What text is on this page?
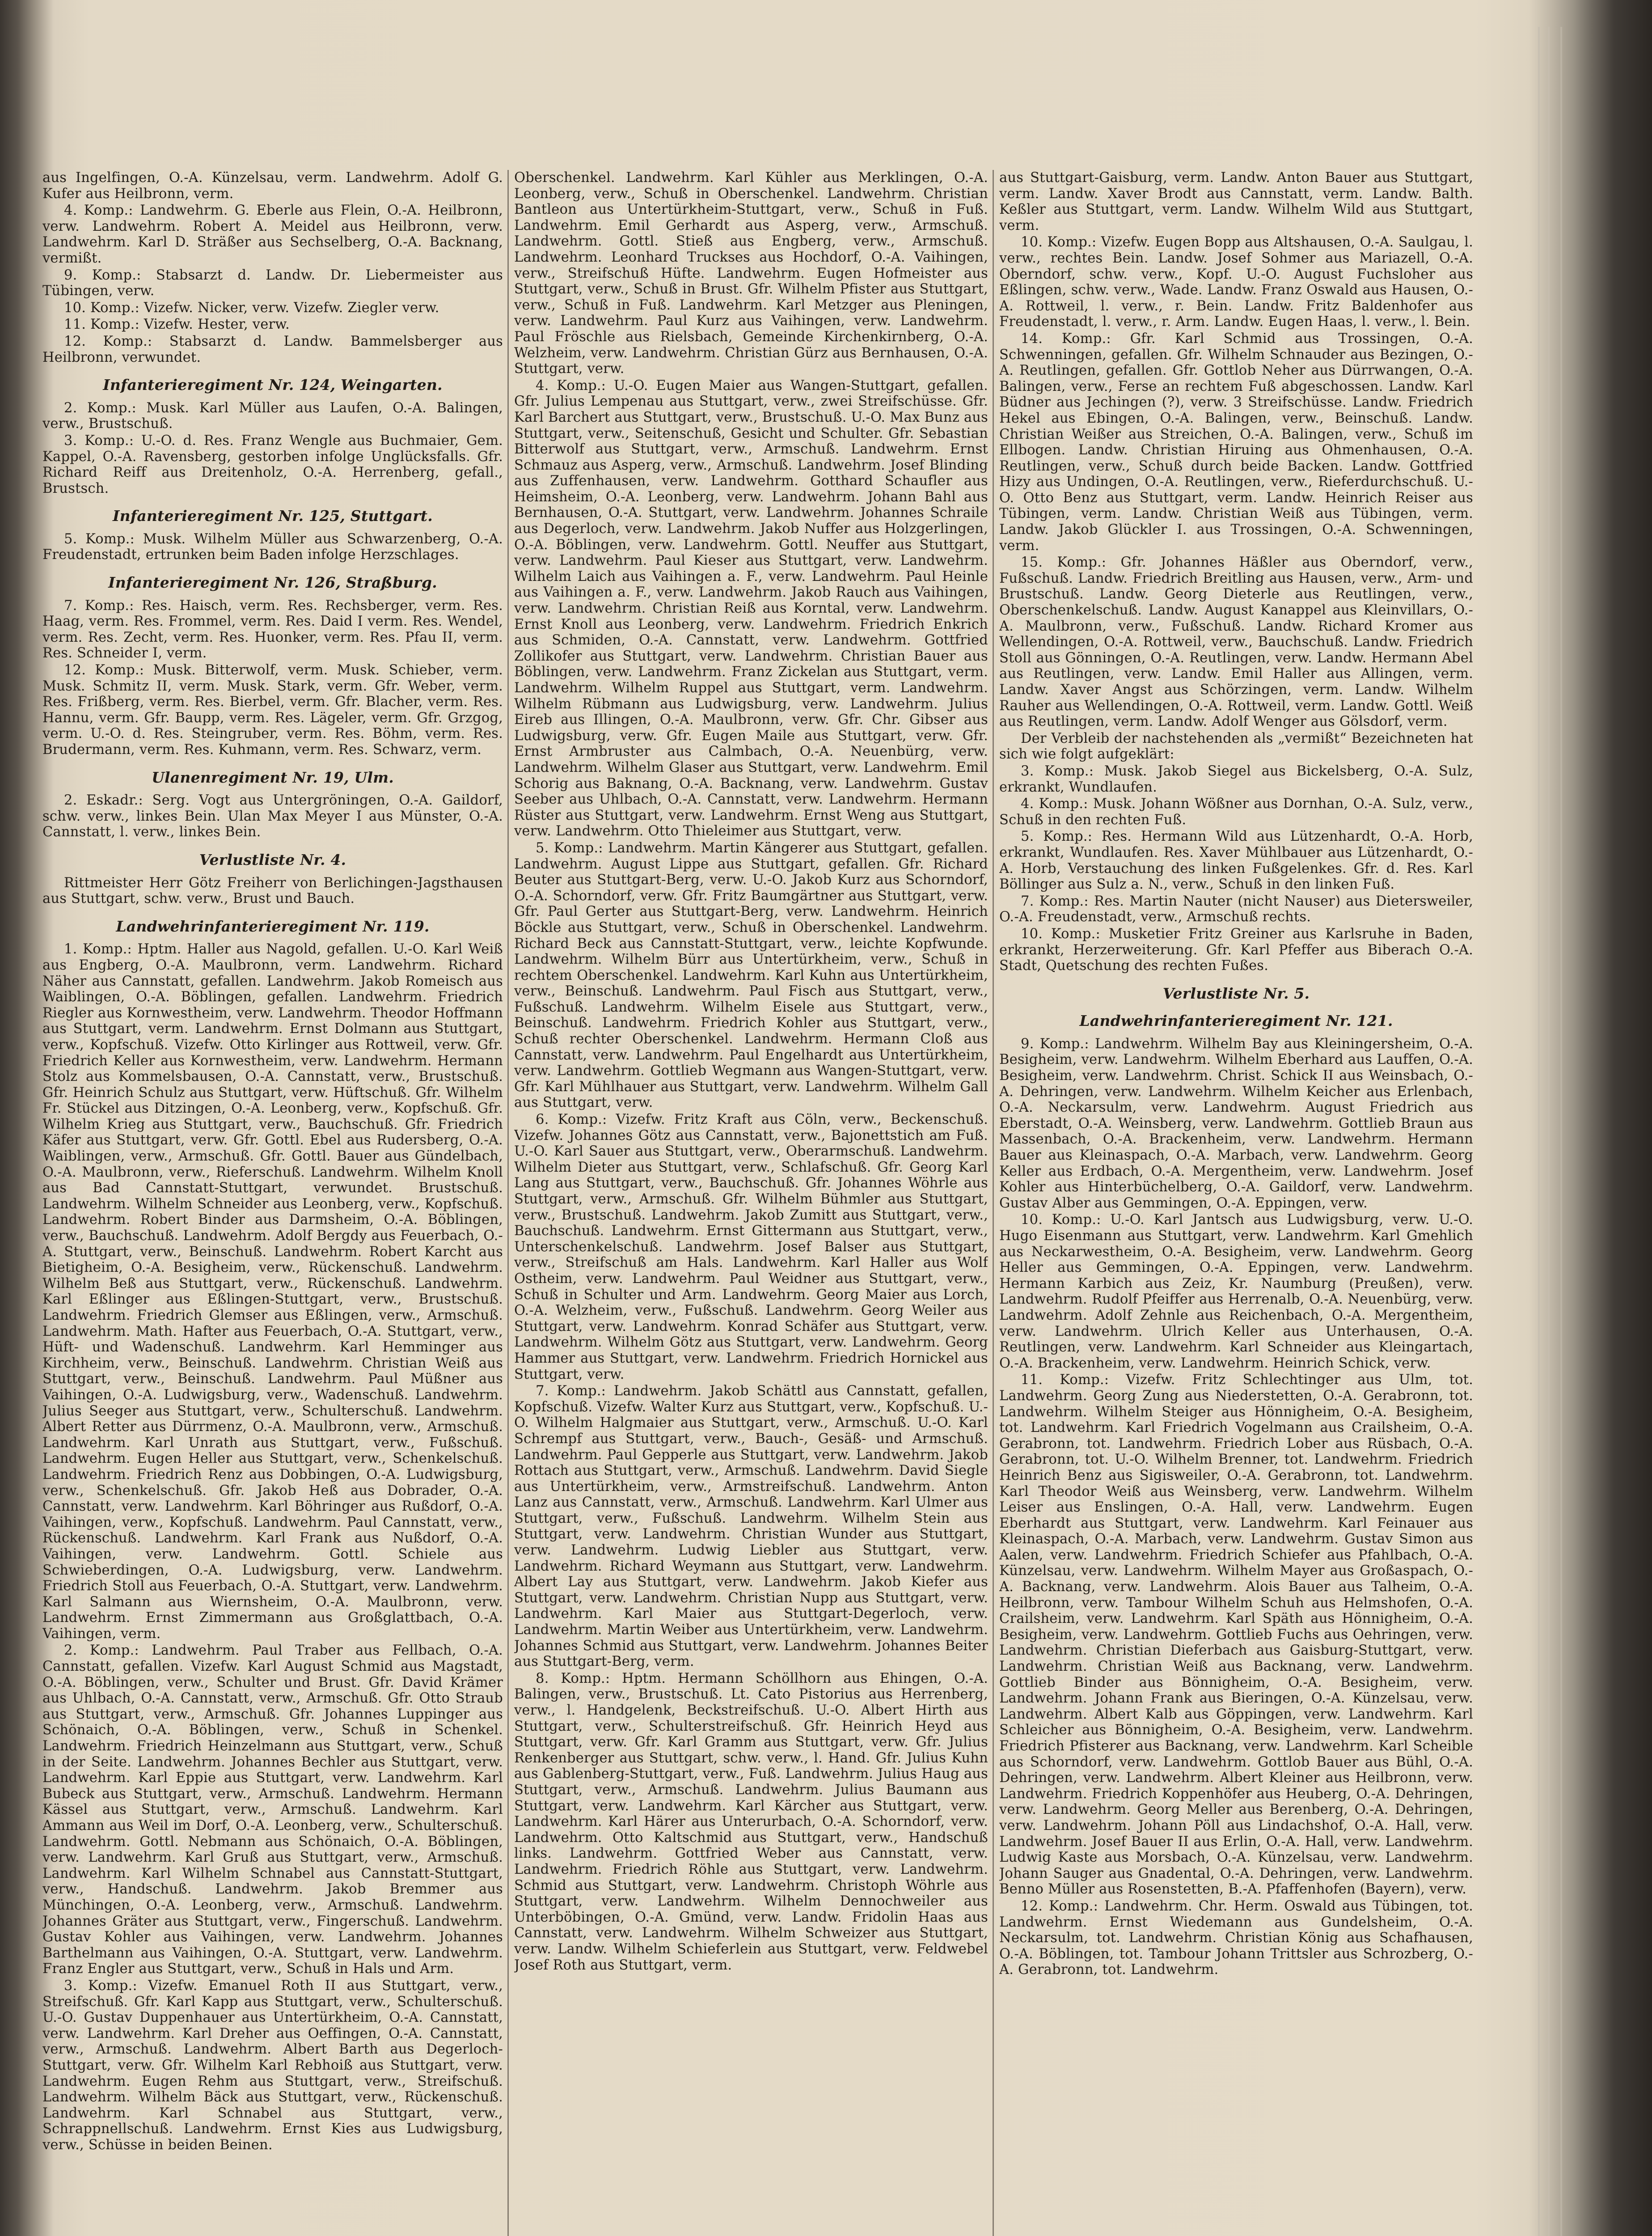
aus Ingelfingen, O.-A. Künzelsau, verm. Landwehrm. Adolf G. Kufer aus Heilbronn, verm.

4. Komp.: Landwehrm. G. Eberle aus Flein, O.-A. Heilbronn, verw. Landwehrm. Robert A. Meidel aus Heilbronn, verw. Landwehrm. Karl D. Sträßer aus Sechselberg, O.-A. Backnang, vermißt.

9. Komp.: Stabsarzt d. Landw. Dr. Liebermeister aus Tübingen, verw.

10. Komp.: Vizefw. Nicker, verw. Vizefw. Ziegler verw.

11. Komp.: Vizefw. Hester, verw.

12. Komp.: Stabsarzt d. Landw. Bammelsberger aus Heilbronn, verwundet.

Infanterieregiment Nr. 124, Weingarten.

2. Komp.: Musk. Karl Müller aus Laufen, O.-A. Balingen, verw., Brustschuß.

3. Komp.: U.-O. d. Res. Franz Wengle aus Buchmaier, Gem. Kappel, O.-A. Ravensberg, gestorben infolge Unglücksfalls. Gfr. Richard Reiff aus Dreitenholz, O.-A. Herrenberg, gefall., Brustsch.

Infanterieregiment Nr. 125, Stuttgart.

5. Komp.: Musk. Wilhelm Müller aus Schwarzenberg, O.-A. Freudenstadt, ertrunken beim Baden infolge Herzschlages.

Infanterieregiment Nr. 126, Straßburg.

7. Komp.: Res. Haisch, verm. Res. Rechsberger, verm. Res. Haag, verm. Res. Frommel, verm. Res. Daid I verm. Res. Wendel, verm. Res. Zecht, verm. Res. Huonker, verm. Res. Pfau II, verm. Res. Schneider I, verm.

12. Komp.: Musk. Bitterwolf, verm. Musk. Schieber, verm. Musk. Schmitz II, verm. Musk. Stark, verm. Gfr. Weber, verm. Res. Frißberg, verm. Res. Bierbel, verm. Gfr. Blacher, verm. Res. Hannu, verm. Gfr. Baupp, verm. Res. Lägeler, verm. Gfr. Grzgog, verm. U.-O. d. Res. Steingruber, verm. Res. Böhm, verm. Res. Brudermann, verm. Res. Kuhmann, verm. Res. Schwarz, verm.

Ulanenregiment Nr. 19, Ulm.

2. Eskadr.: Serg. Vogt aus Untergröningen, O.-A. Gaildorf, schw. verw., linkes Bein. Ulan Max Meyer I aus Münster, O.-A. Cannstatt, l. verw., linkes Bein.

Verlustliste Nr. 4.

Rittmeister Herr Götz Freiherr von Berlichingen-Jagsthausen aus Stuttgart, schw. verw., Brust und Bauch.

Landwehrinfanterieregiment Nr. 119.

1. Komp.: Hptm. Haller aus Nagold, gefallen. U.-O. Karl Weiß aus Engberg, O.-A. Maulbronn, verm. Landwehrm. Richard Näher aus Cannstatt, gefallen. Landwehrm. Jakob Romeisch aus Waiblingen, O.-A. Böblingen, gefallen. Landwehrm. Friedrich Riegler aus Kornwestheim, verw. Landwehrm. Theodor Hoffmann aus Stuttgart, verm. Landwehrm. Ernst Dolmann aus Stuttgart, verw., Kopfschuß. Vizefw. Otto Kirlinger aus Rottweil, verw. Gfr. Friedrich Keller aus Kornwestheim, verw. Landwehrm. Hermann Stolz aus Kommelsbausen, O.-A. Cannstatt, verw., Brustschuß. Gfr. Heinrich Schulz aus Stuttgart, verw. Hüftschuß. Gfr. Wilhelm Fr. Stückel aus Ditzingen, O.-A. Leonberg, verw., Kopfschuß. Gfr. Wilhelm Krieg aus Stuttgart, verw., Bauchschuß. Gfr. Friedrich Käfer aus Stuttgart, verw. Gfr. Gottl. Ebel aus Rudersberg, O.-A. Waiblingen, verw., Armschuß. Gfr. Gottl. Bauer aus Gündelbach, O.-A. Maulbronn, verw., Rieferschuß. Landwehrm. Wilhelm Knoll aus Bad Cannstatt-Stuttgart, verwundet. Brustschuß. Landwehrm. Wilhelm Schneider aus Leonberg, verw., Kopfschuß. Landwehrm. Robert Binder aus Darmsheim, O.-A. Böblingen, verw., Bauchschuß. Landwehrm. Adolf Bergdy aus Feuerbach, O.-A. Stuttgart, verw., Beinschuß. Landwehrm. Robert Karcht aus Bietigheim, O.-A. Besigheim, verw., Rückenschuß. Landwehrm. Wilhelm Beß aus Stuttgart, verw., Rückenschuß. Landwehrm. Karl Eßlinger aus Eßlingen-Stuttgart, verw., Brustschuß. Landwehrm. Friedrich Glemser aus Eßlingen, verw., Armschuß. Landwehrm. Math. Hafter aus Feuerbach, O.-A. Stuttgart, verw., Hüft- und Wadenschuß. Landwehrm. Karl Hemminger aus Kirchheim, verw., Beinschuß. Landwehrm. Christian Weiß aus Stuttgart, verw., Beinschuß. Landwehrm. Paul Müßner aus Vaihingen, O.-A. Ludwigsburg, verw., Wadenschuß. Landwehrm. Julius Seeger aus Stuttgart, verw., Schulterschuß. Landwehrm. Albert Retter aus Dürrmenz, O.-A. Maulbronn, verw., Armschuß. Landwehrm. Karl Unrath aus Stuttgart, verw., Fußschuß. Landwehrm. Eugen Heller aus Stuttgart, verw., Schenkelschuß. Landwehrm. Friedrich Renz aus Dobbingen, O.-A. Ludwigsburg, verw., Schenkelschuß. Gfr. Jakob Heß aus Dobrader, O.-A. Cannstatt, verw. Landwehrm. Karl Böhringer aus Rußdorf, O.-A. Vaihingen, verw., Kopfschuß. Landwehrm. Paul Cannstatt, verw., Rückenschuß. Landwehrm. Karl Frank aus Nußdorf, O.-A. Vaihingen, verw. Landwehrm. Gottl. Schiele aus Schwieberdingen, O.-A. Ludwigsburg, verw. Landwehrm. Friedrich Stoll aus Feuerbach, O.-A. Stuttgart, verw. Landwehrm. Karl Salmann aus Wiernsheim, O.-A. Maulbronn, verw. Landwehrm. Ernst Zimmermann aus Großglattbach, O.-A. Vaihingen, verm.

2. Komp.: Landwehrm. Paul Traber aus Fellbach, O.-A. Cannstatt, gefallen. Vizefw. Karl August Schmid aus Magstadt, O.-A. Böblingen, verw., Schulter und Brust. Gfr. David Krämer aus Uhlbach, O.-A. Cannstatt, verw., Armschuß. Gfr. Otto Straub aus Stuttgart, verw., Armschuß. Gfr. Johannes Luppinger aus Schönaich, O.-A. Böblingen, verw., Schuß in Schenkel. Landwehrm. Friedrich Heinzelmann aus Stuttgart, verw., Schuß in der Seite. Landwehrm. Johannes Bechler aus Stuttgart, verw. Landwehrm. Karl Eppie aus Stuttgart, verw. Landwehrm. Karl Bubeck aus Stuttgart, verw., Armschuß. Landwehrm. Hermann Kässel aus Stuttgart, verw., Armschuß. Landwehrm. Karl Ammann aus Weil im Dorf, O.-A. Leonberg, verw., Schulterschuß. Landwehrm. Gottl. Nebmann aus Schönaich, O.-A. Böblingen, verw. Landwehrm. Karl Gruß aus Stuttgart, verw., Armschuß. Landwehrm. Karl Wilhelm Schnabel aus Cannstatt-Stuttgart, verw., Handschuß. Landwehrm. Jakob Bremmer aus Münchingen, O.-A. Leonberg, verw., Armschuß. Landwehrm. Johannes Gräter aus Stuttgart, verw., Fingerschuß. Landwehrm. Gustav Kohler aus Vaihingen, verw. Landwehrm. Johannes Barthelmann aus Vaihingen, O.-A. Stuttgart, verw. Landwehrm. Franz Engler aus Stuttgart, verw., Schuß in Hals und Arm.

3. Komp.: Vizefw. Emanuel Roth II aus Stuttgart, verw., Streifschuß. Gfr. Karl Kapp aus Stuttgart, verw., Schulterschuß. U.-O. Gustav Duppenhauer aus Untertürkheim, O.-A. Cannstatt, verw. Landwehrm. Karl Dreher aus Oeffingen, O.-A. Cannstatt, verw., Armschuß. Landwehrm. Albert Barth aus Degerloch-Stuttgart, verw. Gfr. Wilhelm Karl Rebhoiß aus Stuttgart, verw. Landwehrm. Eugen Rehm aus Stuttgart, verw., Streifschuß. Landwehrm. Wilhelm Bäck aus Stuttgart, verw., Rückenschuß. Landwehrm. Karl Schnabel aus Stuttgart, verw., Schrappnellschuß. Landwehrm. Ernst Kies aus Ludwigsburg, verw., Schüsse in beiden Beinen.

Oberschenkel. Landwehrm. Karl Kühler aus Merklingen, O.-A. Leonberg, verw., Schuß in Oberschenkel. Landwehrm. Christian Bantleon aus Untertürkheim-Stuttgart, verw., Schuß in Fuß. Landwehrm. Emil Gerhardt aus Asperg, verw., Armschuß. Landwehrm. Gottl. Stieß aus Engberg, verw., Armschuß. Landwehrm. Leonhard Truckses aus Hochdorf, O.-A. Vaihingen, verw., Streifschuß Hüfte. Landwehrm. Eugen Hofmeister aus Stuttgart, verw., Schuß in Brust. Gfr. Wilhelm Pfister aus Stuttgart, verw., Schuß in Fuß. Landwehrm. Karl Metzger aus Pleningen, verw. Landwehrm. Paul Kurz aus Vaihingen, verw. Landwehrm. Paul Fröschle aus Rielsbach, Gemeinde Kirchenkirnberg, O.-A. Welzheim, verw. Landwehrm. Christian Gürz aus Bernhausen, O.-A. Stuttgart, verw.

4. Komp.: U.-O. Eugen Maier aus Wangen-Stuttgart, gefallen. Gfr. Julius Lempenau aus Stuttgart, verw., zwei Streifschüsse. Gfr. Karl Barchert aus Stuttgart, verw., Brustschuß. U.-O. Max Bunz aus Stuttgart, verw., Seitenschuß, Gesicht und Schulter. Gfr. Sebastian Bitterwolf aus Stuttgart, verw., Armschuß. Landwehrm. Ernst Schmauz aus Asperg, verw., Armschuß. Landwehrm. Josef Blinding aus Zuffenhausen, verw. Landwehrm. Gotthard Schaufler aus Heimsheim, O.-A. Leonberg, verw. Landwehrm. Johann Bahl aus Bernhausen, O.-A. Stuttgart, verw. Landwehrm. Johannes Schraile aus Degerloch, verw. Landwehrm. Jakob Nuffer aus Holzgerlingen, O.-A. Böblingen, verw. Landwehrm. Gottl. Neuffer aus Stuttgart, verw. Landwehrm. Paul Kieser aus Stuttgart, verw. Landwehrm. Wilhelm Laich aus Vaihingen a. F., verw. Landwehrm. Paul Heinle aus Vaihingen a. F., verw. Landwehrm. Jakob Rauch aus Vaihingen, verw. Landwehrm. Christian Reiß aus Korntal, verw. Landwehrm. Ernst Knoll aus Leonberg, verw. Landwehrm. Friedrich Enkrich aus Schmiden, O.-A. Cannstatt, verw. Landwehrm. Gottfried Zollikofer aus Stuttgart, verw. Landwehrm. Christian Bauer aus Böblingen, verw. Landwehrm. Franz Zickelan aus Stuttgart, verm. Landwehrm. Wilhelm Ruppel aus Stuttgart, verm. Landwehrm. Wilhelm Rübmann aus Ludwigsburg, verw. Landwehrm. Julius Eireb aus Illingen, O.-A. Maulbronn, verw. Gfr. Chr. Gibser aus Ludwigsburg, verw. Gfr. Eugen Maile aus Stuttgart, verw. Gfr. Ernst Armbruster aus Calmbach, O.-A. Neuenbürg, verw. Landwehrm. Wilhelm Glaser aus Stuttgart, verw. Landwehrm. Emil Schorig aus Baknang, O.-A. Backnang, verw. Landwehrm. Gustav Seeber aus Uhlbach, O.-A. Cannstatt, verw. Landwehrm. Hermann Rüster aus Stuttgart, verw. Landwehrm. Ernst Weng aus Stuttgart, verw. Landwehrm. Otto Thieleimer aus Stuttgart, verw.

5. Komp.: Landwehrm. Martin Kängerer aus Stuttgart, gefallen. Landwehrm. August Lippe aus Stuttgart, gefallen. Gfr. Richard Beuter aus Stuttgart-Berg, verw. U.-O. Jakob Kurz aus Schorndorf, O.-A. Schorndorf, verw. Gfr. Fritz Baumgärtner aus Stuttgart, verw. Gfr. Paul Gerter aus Stuttgart-Berg, verw. Landwehrm. Heinrich Böckle aus Stuttgart, verw., Schuß in Oberschenkel. Landwehrm. Richard Beck aus Cannstatt-Stuttgart, verw., leichte Kopfwunde. Landwehrm. Wilhelm Bürr aus Untertürkheim, verw., Schuß in rechtem Oberschenkel. Landwehrm. Karl Kuhn aus Untertürkheim, verw., Beinschuß. Landwehrm. Paul Fisch aus Stuttgart, verw., Fußschuß. Landwehrm. Wilhelm Eisele aus Stuttgart, verw., Beinschuß. Landwehrm. Friedrich Kohler aus Stuttgart, verw., Schuß rechter Oberschenkel. Landwehrm. Hermann Cloß aus Cannstatt, verw. Landwehrm. Paul Engelhardt aus Untertürkheim, verw. Landwehrm. Gottlieb Wegmann aus Wangen-Stuttgart, verw. Gfr. Karl Mühlhauer aus Stuttgart, verw. Landwehrm. Wilhelm Gall aus Stuttgart, verw.

6. Komp.: Vizefw. Fritz Kraft aus Cöln, verw., Beckenschuß. Vizefw. Johannes Götz aus Cannstatt, verw., Bajonettstich am Fuß. U.-O. Karl Sauer aus Stuttgart, verw., Oberarmschuß. Landwehrm. Wilhelm Dieter aus Stuttgart, verw., Schlafschuß. Gfr. Georg Karl Lang aus Stuttgart, verw., Bauchschuß. Gfr. Johannes Wöhrle aus Stuttgart, verw., Armschuß. Gfr. Wilhelm Bühmler aus Stuttgart, verw., Brustschuß. Landwehrm. Jakob Zumitt aus Stuttgart, verw., Bauchschuß. Landwehrm. Ernst Gittermann aus Stuttgart, verw., Unterschenkelschuß. Landwehrm. Josef Balser aus Stuttgart, verw., Streifschuß am Hals. Landwehrm. Karl Haller aus Wolf Ostheim, verw. Landwehrm. Paul Weidner aus Stuttgart, verw., Schuß in Schulter und Arm. Landwehrm. Georg Maier aus Lorch, O.-A. Welzheim, verw., Fußschuß. Landwehrm. Georg Weiler aus Stuttgart, verw. Landwehrm. Konrad Schäfer aus Stuttgart, verw. Landwehrm. Wilhelm Götz aus Stuttgart, verw. Landwehrm. Georg Hammer aus Stuttgart, verw. Landwehrm. Friedrich Hornickel aus Stuttgart, verw.

7. Komp.: Landwehrm. Jakob Schättl aus Cannstatt, gefallen, Kopfschuß. Vizefw. Walter Kurz aus Stuttgart, verw., Kopfschuß. U.-O. Wilhelm Halgmaier aus Stuttgart, verw., Armschuß. U.-O. Karl Schrempf aus Stuttgart, verw., Bauch-, Gesäß- und Armschuß. Landwehrm. Paul Gepperle aus Stuttgart, verw. Landwehrm. Jakob Rottach aus Stuttgart, verw., Armschuß. Landwehrm. David Siegle aus Untertürkheim, verw., Armstreifschuß. Landwehrm. Anton Lanz aus Cannstatt, verw., Armschuß. Landwehrm. Karl Ulmer aus Stuttgart, verw., Fußschuß. Landwehrm. Wilhelm Stein aus Stuttgart, verw. Landwehrm. Christian Wunder aus Stuttgart, verw. Landwehrm. Ludwig Liebler aus Stuttgart, verw. Landwehrm. Richard Weymann aus Stuttgart, verw. Landwehrm. Albert Lay aus Stuttgart, verw. Landwehrm. Jakob Kiefer aus Stuttgart, verw. Landwehrm. Christian Nupp aus Stuttgart, verw. Landwehrm. Karl Maier aus Stuttgart-Degerloch, verw. Landwehrm. Martin Weiber aus Untertürkheim, verw. Landwehrm. Johannes Schmid aus Stuttgart, verw. Landwehrm. Johannes Beiter aus Stuttgart-Berg, verm.

8. Komp.: Hptm. Hermann Schöllhorn aus Ehingen, O.-A. Balingen, verw., Brustschuß. Lt. Cato Pistorius aus Herrenberg, verw., l. Handgelenk, Beckstreifschuß. U.-O. Albert Hirth aus Stuttgart, verw., Schulterstreifschuß. Gfr. Heinrich Heyd aus Stuttgart, verw. Gfr. Karl Gramm aus Stuttgart, verw. Gfr. Julius Renkenberger aus Stuttgart, schw. verw., l. Hand. Gfr. Julius Kuhn aus Gablenberg-Stuttgart, verw., Fuß. Landwehrm. Julius Haug aus Stuttgart, verw., Armschuß. Landwehrm. Julius Baumann aus Stuttgart, verw. Landwehrm. Karl Kärcher aus Stuttgart, verw. Landwehrm. Karl Härer aus Unterurbach, O.-A. Schorndorf, verw. Landwehrm. Otto Kaltschmid aus Stuttgart, verw., Handschuß links. Landwehrm. Gottfried Weber aus Cannstatt, verw. Landwehrm. Friedrich Röhle aus Stuttgart, verw. Landwehrm. Schmid aus Stuttgart, verw. Landwehrm. Christoph Wöhrle aus Stuttgart, verw. Landwehrm. Wilhelm Dennochweiler aus Unterböbingen, O.-A. Gmünd, verw. Landw. Fridolin Haas aus Cannstatt, verw. Landwehrm. Wilhelm Schweizer aus Stuttgart, verw. Landw. Wilhelm Schieferlein aus Stuttgart, verw. Feldwebel Josef Roth aus Stuttgart, verm.

aus Stuttgart-Gaisburg, verm. Landw. Anton Bauer aus Stuttgart, verm. Landw. Xaver Brodt aus Cannstatt, verm. Landw. Balth. Keßler aus Stuttgart, verm. Landw. Wilhelm Wild aus Stuttgart, verm.

10. Komp.: Vizefw. Eugen Bopp aus Altshausen, O.-A. Saulgau, l. verw., rechtes Bein. Landw. Josef Sohmer aus Mariazell, O.-A. Oberndorf, schw. verw., Kopf. U.-O. August Fuchsloher aus Eßlingen, schw. verw., Wade. Landw. Franz Oswald aus Hausen, O.-A. Rottweil, l. verw., r. Bein. Landw. Fritz Baldenhofer aus Freudenstadt, l. verw., r. Arm. Landw. Eugen Haas, l. verw., l. Bein.

14. Komp.: Gfr. Karl Schmid aus Trossingen, O.-A. Schwenningen, gefallen. Gfr. Wilhelm Schnauder aus Bezingen, O.-A. Reutlingen, gefallen. Gfr. Gottlob Neher aus Dürrwangen, O.-A. Balingen, verw., Ferse an rechtem Fuß abgeschossen. Landw. Karl Büdner aus Jechingen (?), verw. 3 Streifschüsse. Landw. Friedrich Hekel aus Ebingen, O.-A. Balingen, verw., Beinschuß. Landw. Christian Weißer aus Streichen, O.-A. Balingen, verw., Schuß im Ellbogen. Landw. Christian Hiruing aus Ohmenhausen, O.-A. Reutlingen, verw., Schuß durch beide Backen. Landw. Gottfried Hizy aus Undingen, O.-A. Reutlingen, verw., Rieferdurchschuß. U.-O. Otto Benz aus Stuttgart, verm. Landw. Heinrich Reiser aus Tübingen, verm. Landw. Christian Weiß aus Tübingen, verm. Landw. Jakob Glückler I. aus Trossingen, O.-A. Schwenningen, verm.

15. Komp.: Gfr. Johannes Häßler aus Oberndorf, verw., Fußschuß. Landw. Friedrich Breitling aus Hausen, verw., Arm- und Brustschuß. Landw. Georg Dieterle aus Reutlingen, verw., Oberschenkelschuß. Landw. August Kanappel aus Kleinvillars, O.-A. Maulbronn, verw., Fußschuß. Landw. Richard Kromer aus Wellendingen, O.-A. Rottweil, verw., Bauchschuß. Landw. Friedrich Stoll aus Gönningen, O.-A. Reutlingen, verw. Landw. Hermann Abel aus Reutlingen, verw. Landw. Emil Haller aus Allingen, verm. Landw. Xaver Angst aus Schörzingen, verm. Landw. Wilhelm Rauher aus Wellendingen, O.-A. Rottweil, verm. Landw. Gottl. Weiß aus Reutlingen, verm. Landw. Adolf Wenger aus Gölsdorf, verm.

Der Verbleib der nachstehenden als „vermißt“ Bezeichneten hat sich wie folgt aufgeklärt:

3. Komp.: Musk. Jakob Siegel aus Bickelsberg, O.-A. Sulz, erkrankt, Wundlaufen.

4. Komp.: Musk. Johann Wößner aus Dornhan, O.-A. Sulz, verw., Schuß in den rechten Fuß.

5. Komp.: Res. Hermann Wild aus Lützenhardt, O.-A. Horb, erkrankt, Wundlaufen. Res. Xaver Mühlbauer aus Lützenhardt, O.-A. Horb, Verstauchung des linken Fußgelenkes. Gfr. d. Res. Karl Böllinger aus Sulz a. N., verw., Schuß in den linken Fuß.

7. Komp.: Res. Martin Nauter (nicht Nauser) aus Dietersweiler, O.-A. Freudenstadt, verw., Armschuß rechts.

10. Komp.: Musketier Fritz Greiner aus Karlsruhe in Baden, erkrankt, Herzerweiterung. Gfr. Karl Pfeffer aus Biberach O.-A. Stadt, Quetschung des rechten Fußes.

Verlustliste Nr. 5.
Landwehrinfanterieregiment Nr. 121.

9. Komp.: Landwehrm. Wilhelm Bay aus Kleiningersheim, O.-A. Besigheim, verw. Landwehrm. Wilhelm Eberhard aus Lauffen, O.-A. Besigheim, verw. Landwehrm. Christ. Schick II aus Weinsbach, O.-A. Dehringen, verw. Landwehrm. Wilhelm Keicher aus Erlenbach, O.-A. Neckarsulm, verw. Landwehrm. August Friedrich aus Eberstadt, O.-A. Weinsberg, verw. Landwehrm. Gottlieb Braun aus Massenbach, O.-A. Brackenheim, verw. Landwehrm. Hermann Bauer aus Kleinaspach, O.-A. Marbach, verw. Landwehrm. Georg Keller aus Erdbach, O.-A. Mergentheim, verw. Landwehrm. Josef Kohler aus Hinterbüchelberg, O.-A. Gaildorf, verw. Landwehrm. Gustav Alber aus Gemmingen, O.-A. Eppingen, verw.

10. Komp.: U.-O. Karl Jantsch aus Ludwigsburg, verw. U.-O. Hugo Eisenmann aus Stuttgart, verw. Landwehrm. Karl Gmehlich aus Neckarwestheim, O.-A. Besigheim, verw. Landwehrm. Georg Heller aus Gemmingen, O.-A. Eppingen, verw. Landwehrm. Hermann Karbich aus Zeiz, Kr. Naumburg (Preußen), verw. Landwehrm. Rudolf Pfeiffer aus Herrenalb, O.-A. Neuenbürg, verw. Landwehrm. Adolf Zehnle aus Reichenbach, O.-A. Mergentheim, verw. Landwehrm. Ulrich Keller aus Unterhausen, O.-A. Reutlingen, verw. Landwehrm. Karl Schneider aus Kleingartach, O.-A. Brackenheim, verw. Landwehrm. Heinrich Schick, verw.

11. Komp.: Vizefw. Fritz Schlechtinger aus Ulm, tot. Landwehrm. Georg Zung aus Niederstetten, O.-A. Gerabronn, tot. Landwehrm. Wilhelm Steiger aus Hönnigheim, O.-A. Besigheim, tot. Landwehrm. Karl Friedrich Vogelmann aus Crailsheim, O.-A. Gerabronn, tot. Landwehrm. Friedrich Lober aus Rüsbach, O.-A. Gerabronn, tot. U.-O. Wilhelm Brenner, tot. Landwehrm. Friedrich Heinrich Benz aus Sigisweiler, O.-A. Gerabronn, tot. Landwehrm. Karl Theodor Weiß aus Weinsberg, verw. Landwehrm. Wilhelm Leiser aus Enslingen, O.-A. Hall, verw. Landwehrm. Eugen Eberhardt aus Stuttgart, verw. Landwehrm. Karl Feinauer aus Kleinaspach, O.-A. Marbach, verw. Landwehrm. Gustav Simon aus Aalen, verw. Landwehrm. Friedrich Schiefer aus Pfahlbach, O.-A. Künzelsau, verw. Landwehrm. Wilhelm Mayer aus Großaspach, O.-A. Backnang, verw. Landwehrm. Alois Bauer aus Talheim, O.-A. Heilbronn, verw. Tambour Wilhelm Schuh aus Helmshofen, O.-A. Crailsheim, verw. Landwehrm. Karl Späth aus Hönnigheim, O.-A. Besigheim, verw. Landwehrm. Gottlieb Fuchs aus Oehringen, verw. Landwehrm. Christian Dieferbach aus Gaisburg-Stuttgart, verw. Landwehrm. Christian Weiß aus Backnang, verw. Landwehrm. Gottlieb Binder aus Bönnigheim, O.-A. Besigheim, verw. Landwehrm. Johann Frank aus Bieringen, O.-A. Künzelsau, verw. Landwehrm. Albert Kalb aus Göppingen, verw. Landwehrm. Karl Schleicher aus Bönnigheim, O.-A. Besigheim, verw. Landwehrm. Friedrich Pfisterer aus Backnang, verw. Landwehrm. Karl Scheible aus Schorndorf, verw. Landwehrm. Gottlob Bauer aus Bühl, O.-A. Dehringen, verw. Landwehrm. Albert Kleiner aus Heilbronn, verw. Landwehrm. Friedrich Koppenhöfer aus Heuberg, O.-A. Dehringen, verw. Landwehrm. Georg Meller aus Berenberg, O.-A. Dehringen, verw. Landwehrm. Johann Pöll aus Lindachshof, O.-A. Hall, verw. Landwehrm. Josef Bauer II aus Erlin, O.-A. Hall, verw. Landwehrm. Ludwig Kaste aus Morsbach, O.-A. Künzelsau, verw. Landwehrm. Johann Sauger aus Gnadental, O.-A. Dehringen, verw. Landwehrm. Benno Müller aus Rosenstetten, B.-A. Pfaffenhofen (Bayern), verw.

12. Komp.: Landwehrm. Chr. Herm. Oswald aus Tübingen, tot. Landwehrm. Ernst Wiedemann aus Gundelsheim, O.-A. Neckarsulm, tot. Landwehrm. Christian König aus Schafhausen, O.-A. Böblingen, tot. Tambour Johann Trittsler aus Schrozberg, O.-A. Gerabronn, tot. Landwehrm.
